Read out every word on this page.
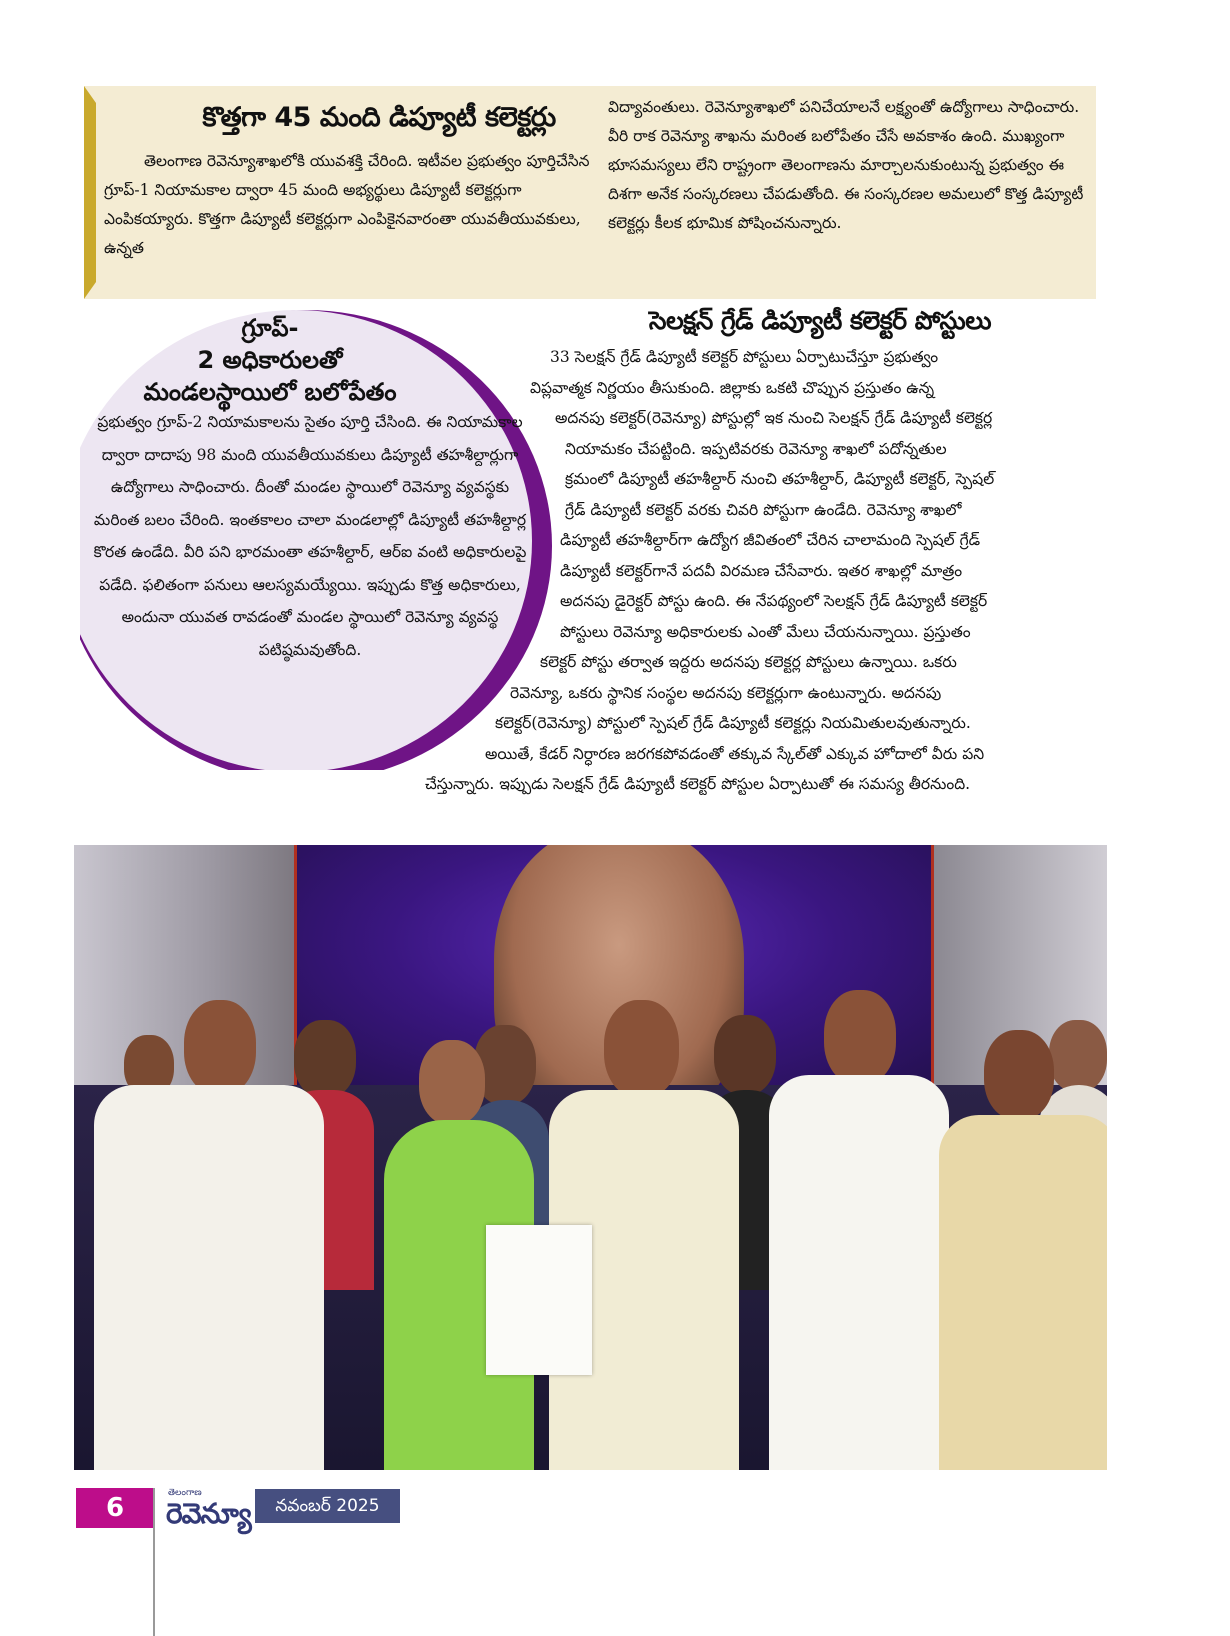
కొత్తగా 45 మంది డిప్యూటీ కలెక్టర్లు
తెలంగాణ రెవెన్యూశాఖలోకి యువశక్తి చేరింది. ఇటీవల ప్రభుత్వం పూర్తిచేసిన గ్రూప్-1 నియామకాల ద్వారా 45 మంది అభ్యర్థులు డిప్యూటీ కలెక్టర్లుగా ఎంపికయ్యారు. కొత్తగా డిప్యూటీ కలెక్టర్లుగా ఎంపికైనవారంతా యువతీయువకులు, ఉన్నత
విద్యావంతులు. రెవెన్యూశాఖలో పనిచేయాలనే లక్ష్యంతో ఉద్యోగాలు సాధించారు. వీరి రాక రెవెన్యూ శాఖను మరింత బలోపేతం చేసే అవకాశం ఉంది. ముఖ్యంగా భూసమస్యలు లేని రాష్ట్రంగా తెలంగాణను మార్చాలనుకుంటున్న ప్రభుత్వం ఈ దిశగా అనేక సంస్కరణలు చేపడుతోంది. ఈ సంస్కరణల అమలులో కొత్త డిప్యూటీ కలెక్టర్లు కీలక భూమిక పోషించనున్నారు.
గ్రూప్-
2 అధికారులతో
మండలస్థాయిలో బలోపేతం
ప్రభుత్వం గ్రూప్-2 నియామకాలను సైతం పూర్తి చేసింది. ఈ నియామకాల ద్వారా దాదాపు 98 మంది యువతీయువకులు డిప్యూటీ తహశీల్దార్లుగా ఉద్యోగాలు సాధించారు. దీంతో మండల స్థాయిలో రెవెన్యూ వ్యవస్థకు మరింత బలం చేరింది. ఇంతకాలం చాలా మండలాల్లో డిప్యూటీ తహశీల్దార్ల కొరత ఉండేది. వీరి పని భారమంతా తహశీల్దార్, ఆర్ఐ వంటి అధికారులపై పడేది. ఫలితంగా పనులు ఆలస్యమయ్యేయి. ఇప్పుడు కొత్త అధికారులు, అందునా యువత రావడంతో మండల స్థాయిలో రెవెన్యూ వ్యవస్థ పటిష్ఠమవుతోంది.
సెలక్షన్ గ్రేడ్ డిప్యూటీ కలెక్టర్ పోస్టులు
33 సెలక్షన్ గ్రేడ్ డిప్యూటీ కలెక్టర్ పోస్టులు ఏర్పాటుచేస్తూ ప్రభుత్వం
విప్లవాత్మక నిర్ణయం తీసుకుంది. జిల్లాకు ఒకటి చొప్పున ప్రస్తుతం ఉన్న
అదనపు కలెక్టర్(రెవెన్యూ) పోస్టుల్లో ఇక నుంచి సెలక్షన్ గ్రేడ్ డిప్యూటీ కలెక్టర్ల
నియామకం చేపట్టింది. ఇప్పటివరకు రెవెన్యూ శాఖలో పదోన్నతుల
క్రమంలో డిప్యూటీ తహశీల్దార్ నుంచి తహశీల్దార్, డిప్యూటీ కలెక్టర్, స్పెషల్
గ్రేడ్ డిప్యూటీ కలెక్టర్ వరకు చివరి పోస్టుగా ఉండేది. రెవెన్యూ శాఖలో
డిప్యూటీ తహశీల్దార్‌గా ఉద్యోగ జీవితంలో చేరిన చాలామంది స్పెషల్ గ్రేడ్
డిప్యూటీ కలెక్టర్‌గానే పదవీ విరమణ చేసేవారు. ఇతర శాఖల్లో మాత్రం
అదనపు డైరెక్టర్ పోస్టు ఉంది. ఈ నేపథ్యంలో సెలక్షన్ గ్రేడ్ డిప్యూటీ కలెక్టర్
పోస్టులు రెవెన్యూ అధికారులకు ఎంతో మేలు చేయనున్నాయి. ప్రస్తుతం
కలెక్టర్ పోస్టు తర్వాత ఇద్దరు అదనపు కలెక్టర్ల పోస్టులు ఉన్నాయి. ఒకరు
రెవెన్యూ, ఒకరు స్థానిక సంస్థల అదనపు కలెక్టర్లుగా ఉంటున్నారు. అదనపు
కలెక్టర్(రెవెన్యూ) పోస్టులో స్పెషల్ గ్రేడ్ డిప్యూటీ కలెక్టర్లు నియమితులవుతున్నారు.
అయితే, కేడర్ నిర్ధారణ జరగకపోవడంతో తక్కువ స్కేల్‌తో ఎక్కువ హోదాలో వీరు పని
చేస్తున్నారు. ఇప్పుడు సెలక్షన్ గ్రేడ్ డిప్యూటీ కలెక్టర్ పోస్టుల ఏర్పాటుతో ఈ సమస్య తీరనుంది.
6	తెలంగాణ
రెవెన్యూ	నవంబర్ 2025
